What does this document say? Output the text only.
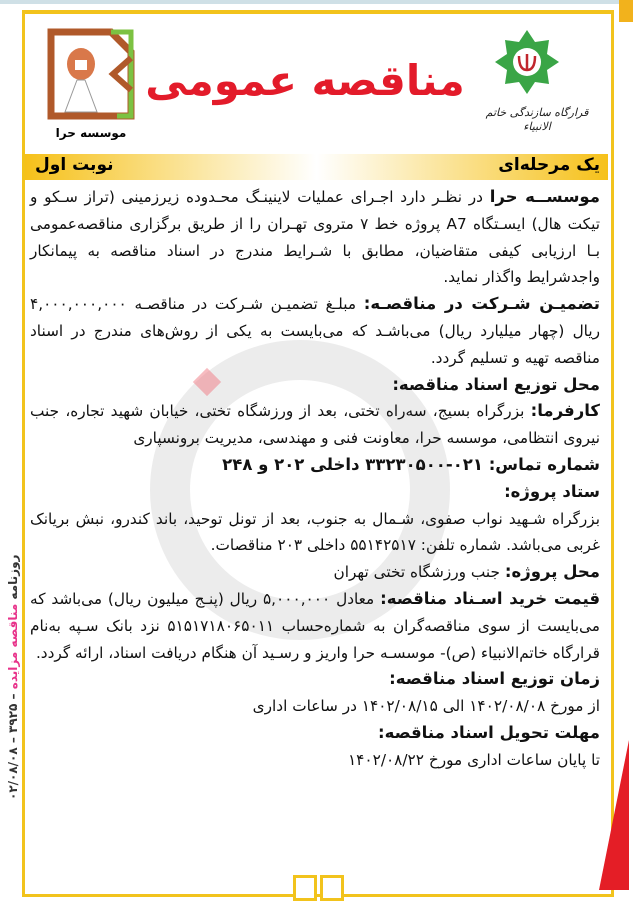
موسسه حرا
مناقصه عمومی
قرارگاه سازندگی خاتم الانبیاء
یک مرحله‌ای
نوبت اول

موسســه حرا در نظـر دارد اجـرای عملیات لاینینـگ محـدوده زیرزمینی (تراز سـکو و تیکت هال) ایسـتگاه A7 پروژه خط ۷ متروی تهـران را از طریق برگزاری مناقصه‌عمومی بـا ارزیابی کیفی متقاضیان، مطابق با شـرایط مندرج در اسناد مناقصه به پیمانکار واجدشرایط واگذار نماید.

تضمیـن شـرکت در مناقصـه: مبلـغ تضمیـن شـرکت در مناقصـه ۴,۰۰۰,۰۰۰,۰۰۰ ریال (چهار میلیارد ریال) می‌باشـد که می‌بایست به یکی از روش‌های مندرج در اسناد مناقصه تهیه و تسلیم گردد.

محل توزیع اسناد مناقصه:

کارفرما: بزرگراه بسیج، سه‌راه تختی، بعد از ورزشگاه تختی، خیابان شهید تجاره، جنب نیروی انتظامی، موسسه حرا، معاونت فنی و مهندسی، مدیریت برونسپاری

شماره تماس: ۰۲۱-۳۳۲۳۰۵۰۰ داخلی ۲۰۲ و ۲۴۸

ستاد پروژه:

بزرگراه شـهید نواب صفوی، شـمال به جنوب، بعد از تونل توحید، باند کندرو، نبش بریانک غربی می‌باشد. شماره تلفن: ۵۵۱۴۲۵۱۷ داخلی ۲۰۳ مناقصات.

محل پروژه: جنب ورزشگاه تختی تهران

قیمت خرید اسـناد مناقصه: معادل ۵,۰۰۰,۰۰۰ ریال (پنـج میلیون ریال) می‌باشد که می‌بایست از سوی مناقصه‌گران به شماره‌حساب ۵۱۵۱۷۱۸۰۶۵۰۱۱ نزد بانک سـپه به‌نام قرارگاه خاتم‌الانبیاء (ص)- موسسـه حرا واریز و رسـید آن هنگام دریافت اسناد، ارائه گردد.

زمان توزیع اسناد مناقصه:

از مورخ ۱۴۰۲/۰۸/۰۸ الی ۱۴۰۲/۰۸/۱۵ در ساعات اداری

مهلت تحویل اسناد مناقصه:

تا پایان ساعات اداری مورخ ۱۴۰۲/۰۸/۲۲

روزنامه مناقصه مزایده – ۳۹۲۵ – ۰۲/۰۸/۰۸
